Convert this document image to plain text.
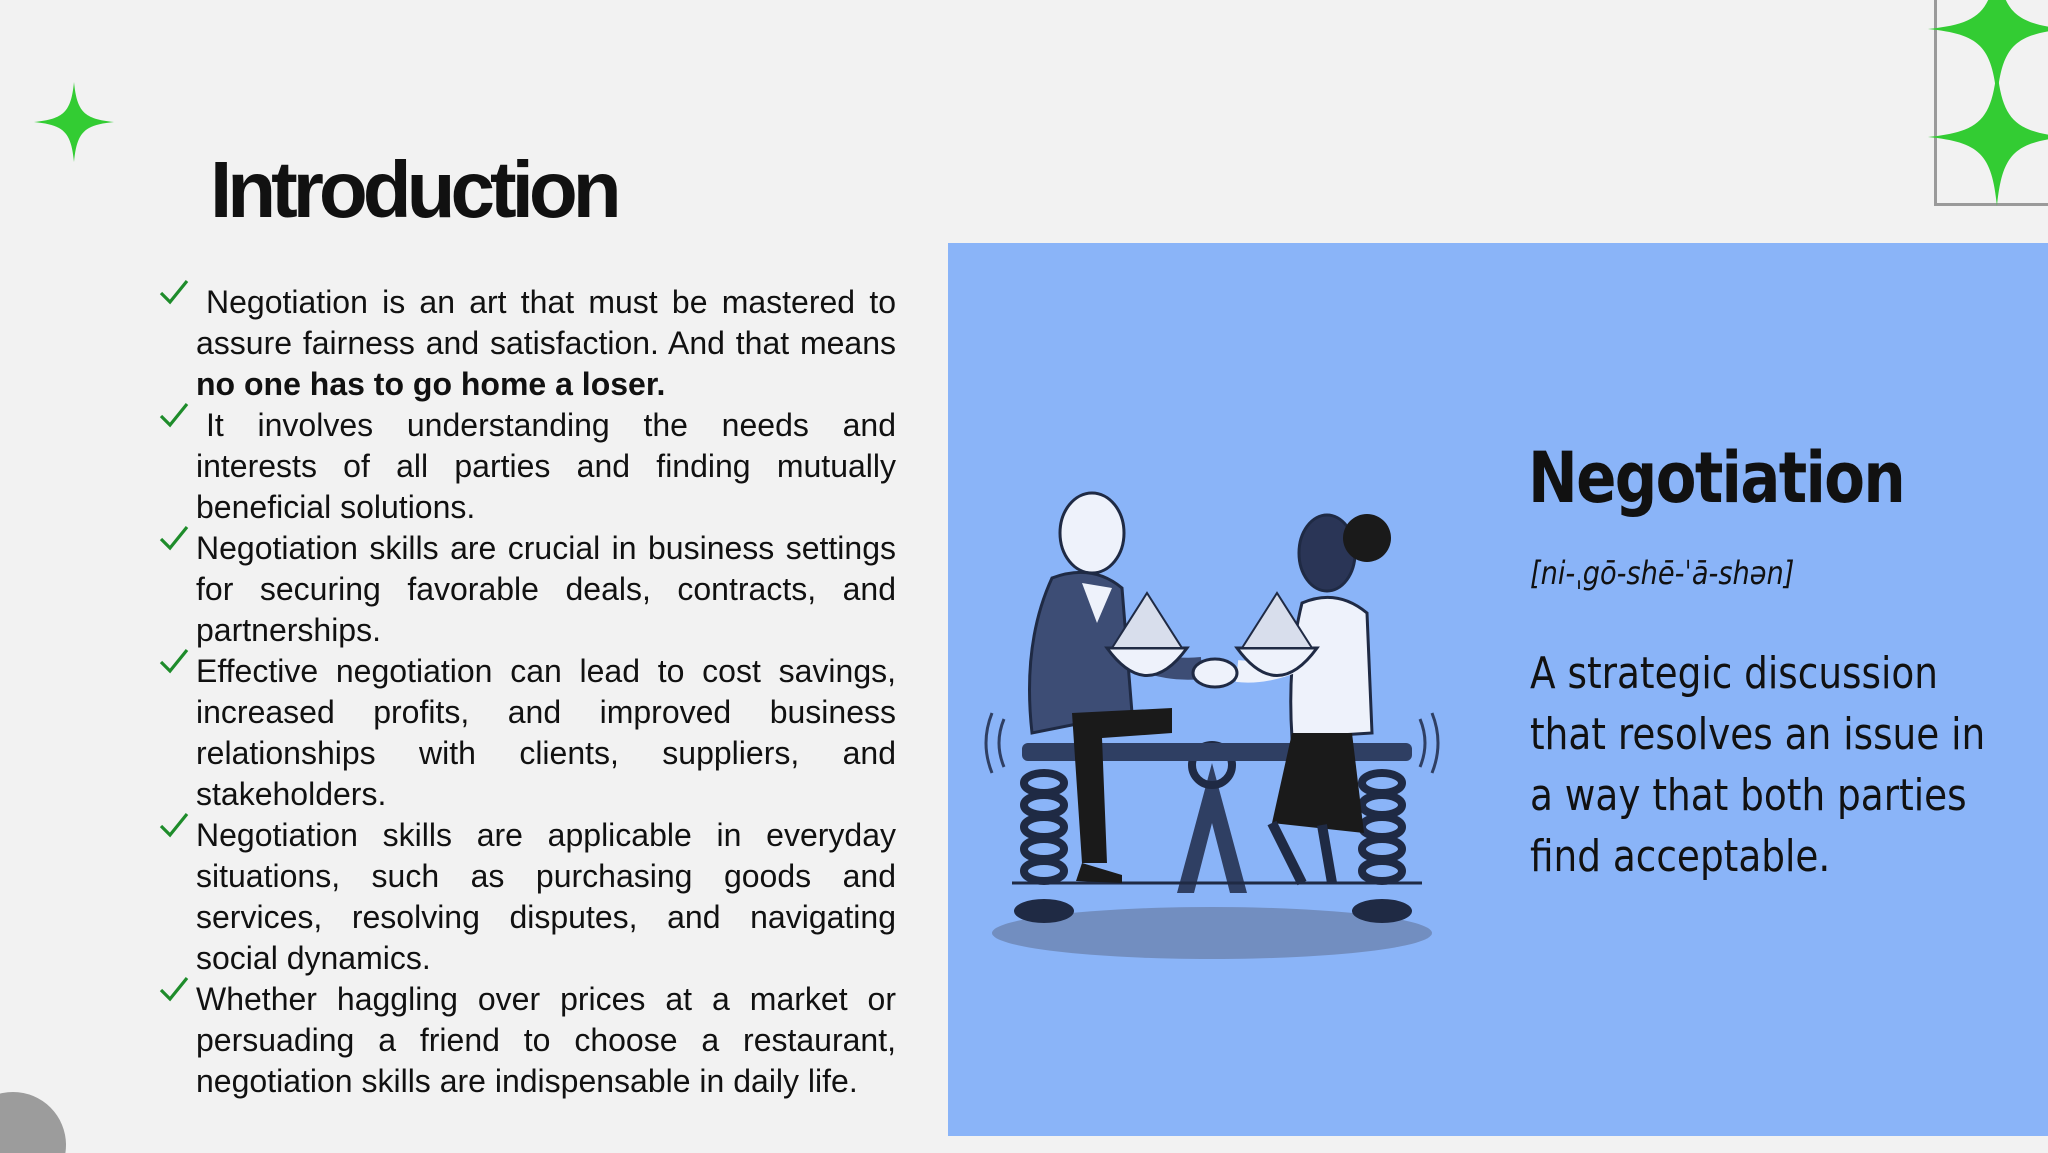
Introduction
Negotiation is an art that must be mastered to assure fairness and satisfaction. And that means no one has to go home a loser.
It involves understanding the needs and interests of all parties and finding mutually beneficial solutions.
Negotiation skills are crucial in business settings for securing favorable deals, contracts, and partnerships.
Effective negotiation can lead to cost savings, increased profits, and improved business relationships with clients, suppliers, and stakeholders.
Negotiation skills are applicable in everyday situations, such as purchasing goods and services, resolving disputes, and navigating social dynamics.
Whether haggling over prices at a market or persuading a friend to choose a restaurant, negotiation skills are indispensable in daily life.
Negotiation
[ni-ˌgō-shē-ˈā-shən]

A strategic discussion that resolves an issue in a way that both parties find acceptable.
